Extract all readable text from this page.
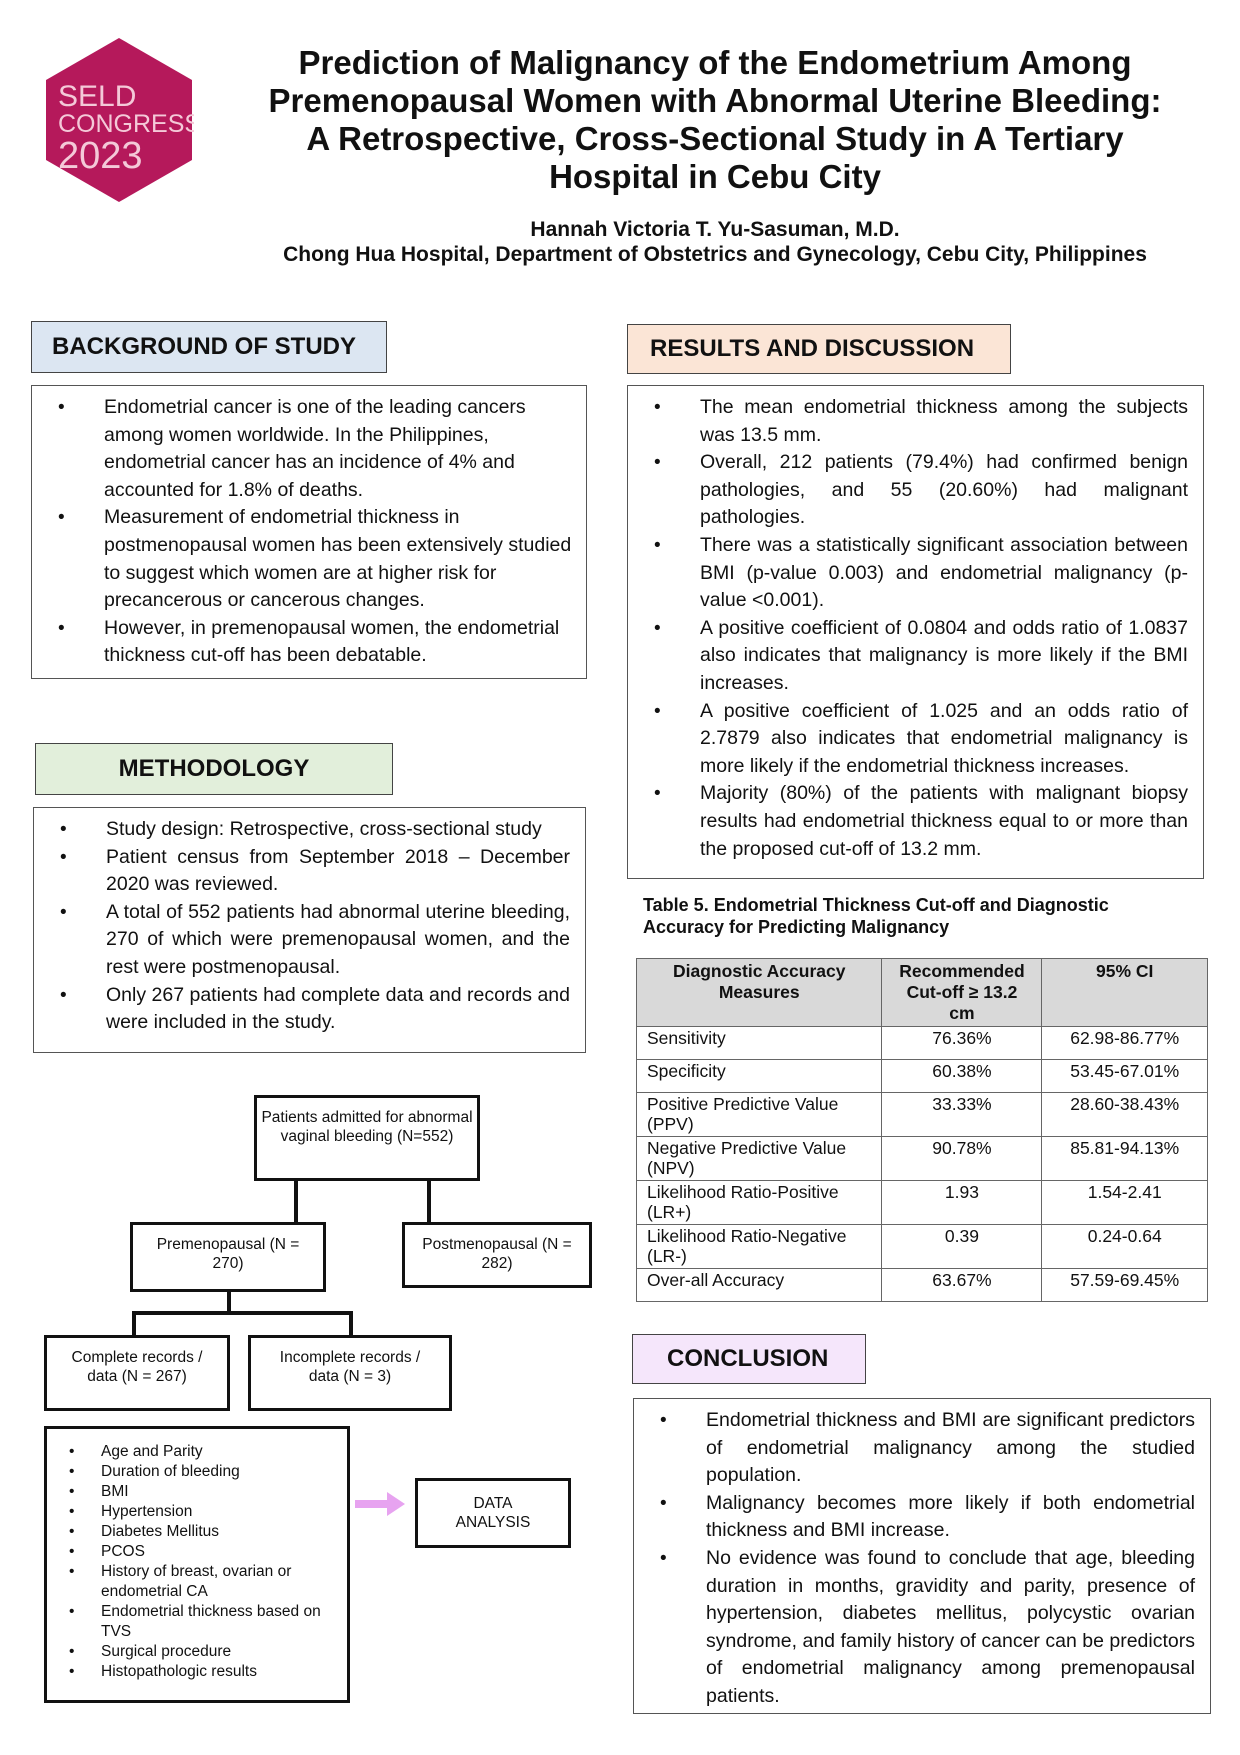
SELD
CONGRESS
2023
Prediction of Malignancy of the Endometrium Among
Premenopausal Women with Abnormal Uterine Bleeding:
A Retrospective, Cross-Sectional Study in A Tertiary
Hospital in Cebu City
Hannah Victoria T. Yu-Sasuman, M.D.
Chong Hua Hospital, Department of Obstetrics and Gynecology, Cebu City, Philippines
BACKGROUND OF STUDY
• Endometrial cancer is one of the leading cancers among women worldwide. In the Philippines, endometrial cancer has an incidence of 4% and accounted for 1.8% of deaths.
• Measurement of endometrial thickness in postmenopausal women has been extensively studied to suggest which women are at higher risk for precancerous or cancerous changes.
• However, in premenopausal women, the endometrial thickness cut-off has been debatable.
METHODOLOGY
• Study design: Retrospective, cross-sectional study
• Patient census from September 2018 – December 2020 was reviewed.
• A total of 552 patients had abnormal uterine bleeding, 270 of which were premenopausal women, and the rest were postmenopausal.
• Only 267 patients had complete data and records and were included in the study.
Patients admitted for abnormal vaginal bleeding (N=552)
Premenopausal (N = 270)
Postmenopausal (N = 282)
Complete records / data (N = 267)
Incomplete records / data (N = 3)
• Age and Parity
• Duration of bleeding
• BMI
• Hypertension
• Diabetes Mellitus
• PCOS
• History of breast, ovarian or endometrial CA
• Endometrial thickness based on TVS
• Surgical procedure
• Histopathologic results
DATA ANALYSIS
RESULTS AND DISCUSSION
• The mean endometrial thickness among the subjects was 13.5 mm.
• Overall, 212 patients (79.4%) had confirmed benign pathologies, and 55 (20.60%) had malignant pathologies.
• There was a statistically significant association between BMI (p-value 0.003) and endometrial malignancy (p-value <0.001).
• A positive coefficient of 0.0804 and odds ratio of 1.0837 also indicates that malignancy is more likely if the BMI increases.
• A positive coefficient of 1.025 and an odds ratio of 2.7879 also indicates that endometrial malignancy is more likely if the endometrial thickness increases.
• Majority (80%) of the patients with malignant biopsy results had endometrial thickness equal to or more than the proposed cut-off of 13.2 mm.
Table 5. Endometrial Thickness Cut-off and Diagnostic
Accuracy for Predicting Malignancy
Diagnostic Accuracy Measures	Recommended Cut-off ≥ 13.2 cm	95% CI
Sensitivity	76.36%	62.98-86.77%
Specificity	60.38%	53.45-67.01%
Positive Predictive Value (PPV)	33.33%	28.60-38.43%
Negative Predictive Value (NPV)	90.78%	85.81-94.13%
Likelihood Ratio-Positive (LR+)	1.93	1.54-2.41
Likelihood Ratio-Negative (LR-)	0.39	0.24-0.64
Over-all Accuracy	63.67%	57.59-69.45%
CONCLUSION
• Endometrial thickness and BMI are significant predictors of endometrial malignancy among the studied population.
• Malignancy becomes more likely if both endometrial thickness and BMI increase.
• No evidence was found to conclude that age, bleeding duration in months, gravidity and parity, presence of hypertension, diabetes mellitus, polycystic ovarian syndrome, and family history of cancer can be predictors of endometrial malignancy among premenopausal patients.
